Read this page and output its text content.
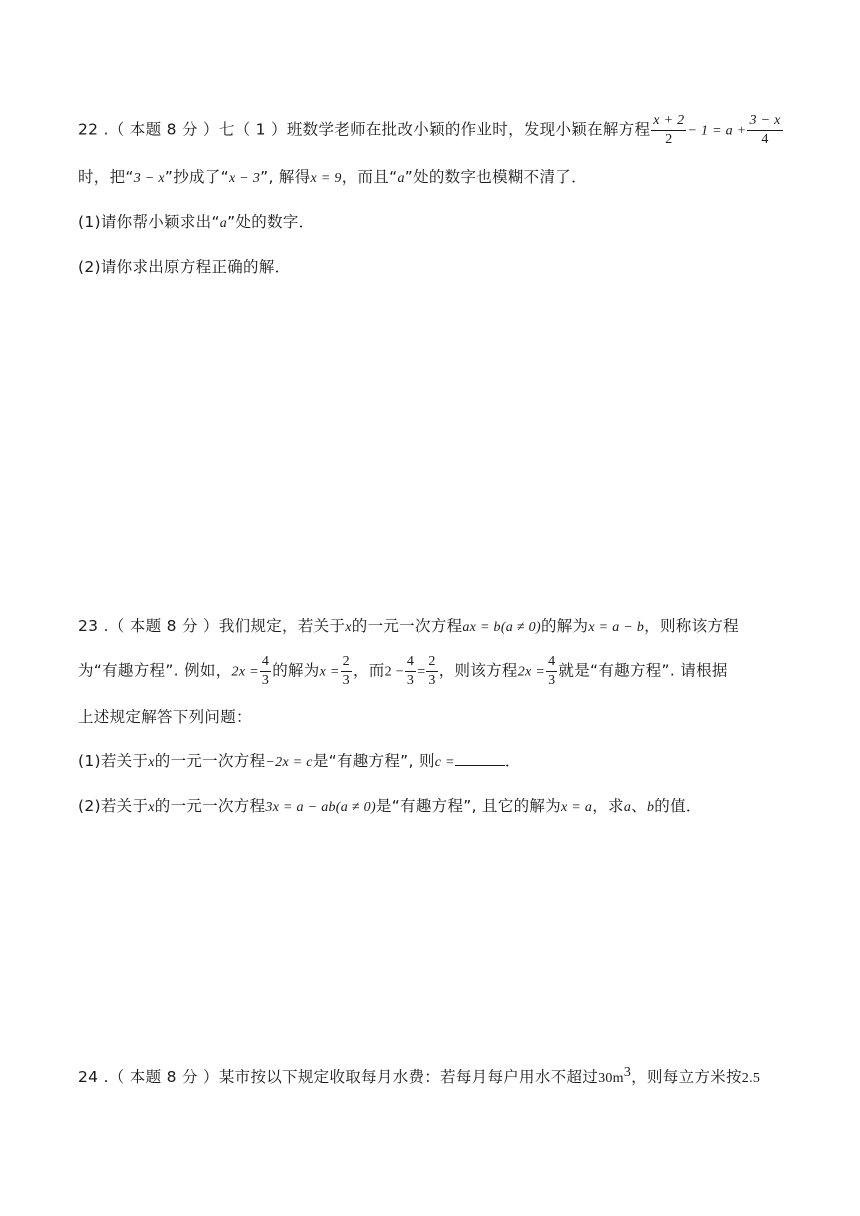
22 .（ 本题 8 分 ）七（ 1 ）班数学老师在批改小颖的作业时，发现小颖在解方程 $\frac{x + 2}{2} - 1 = a + \frac{3 - x}{4}$
时，把“3 − x”抄成了“x − 3”, 解得x = 9，而且“a”处的数字也模糊不清了．
(1)请你帮小颖求出“a”处的数字．
(2)请你求出原方程正确的解．
23 .（ 本题 8 分 ）我们规定，若关于x的一元一次方程ax = b(a ≠ 0)的解为x = a − b，则称该方程
为“有趣方程”. 例如，$2x = \frac{4}{3}$ 的解为$x = \frac{2}{3}$ ，而$2 - \frac{4}{3} = \frac{2}{3}$ ，则该方程$2x = \frac{4}{3}$ 就是“有趣方程”. 请根据
上述规定解答下列问题：
(1)若关于x的一元一次方程−2x = c是“有趣方程”, 则c =	．
(2)若关于x的一元一次方程3x = a − ab(a ≠ 0)是“有趣方程”, 且它的解为x = a，求a、b的值．
24 .（ 本题 8 分 ）某市按以下规定收取每月水费：若每月每户用水不超过$30m^3$，则每立方米按2.5
